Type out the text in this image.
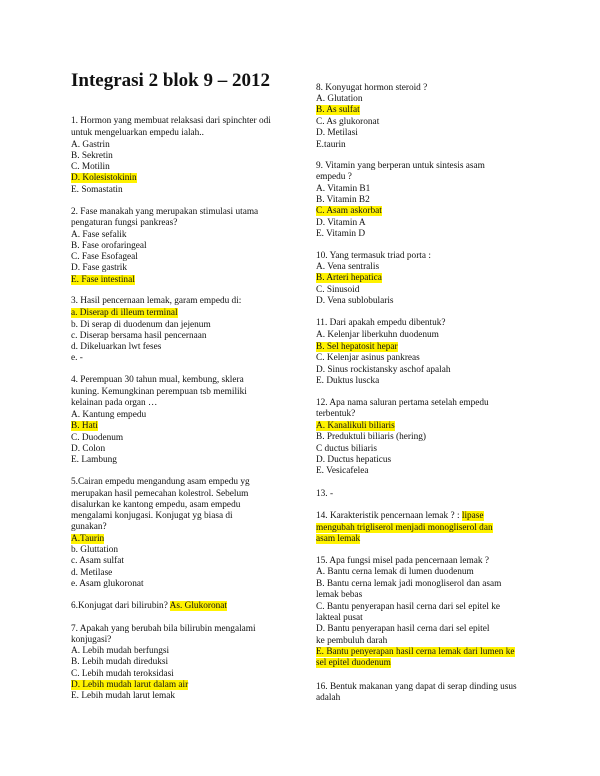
Integrasi 2 blok 9 – 2012
1. Hormon yang membuat relaksasi dari spinchter odi
untuk mengeluarkan empedu ialah..
A. Gastrin
B. Sekretin
C. Motilin
D. Kolesistokinin
E. Somastatin
2. Fase manakah yang merupakan stimulasi utama
pengaturan fungsi pankreas?
A. Fase sefalik
B. Fase orofaringeal
C. Fase Esofageal
D. Fase gastrik
E. Fase intestinal
3. Hasil pencernaan lemak, garam empedu di:
a. Diserap di illeum terminal
b. Di serap di duodenum dan jejenum
c. Diserap bersama hasil pencernaan
d. Dikeluarkan lwt feses
e. -
4. Perempuan 30 tahun mual, kembung, sklera
kuning. Kemungkinan perempuan tsb memiliki
kelainan pada organ …
A. Kantung empedu
B. Hati
C. Duodenum
D. Colon
E. Lambung
5.Cairan empedu mengandung asam empedu yg
merupakan hasil pemecahan kolestrol. Sebelum
disalurkan ke kantong empedu, asam empedu
mengalami konjugasi. Konjugat yg biasa di
gunakan?
A.Taurin
b. Gluttation
c. Asam sulfat
d. Metilase
e. Asam glukoronat
6.Konjugat dari bilirubin? As. Glukoronat
7. Apakah yang berubah bila bilirubin mengalami
konjugasi?
A. Lebih mudah berfungsi
B. Lebih mudah direduksi
C. Lebih mudah teroksidasi
D. Lebih mudah larut dalam air
E. Lebih mudah larut lemak
8. Konyugat hormon steroid ?
A. Glutation
B. As sulfat
C. As glukoronat
D. Metilasi
E.taurin
9. Vitamin yang berperan untuk sintesis asam
empedu ?
A. Vitamin B1
B. Vitamin B2
C. Asam askorbat
D. Vitamin A
E. Vitamin D
10. Yang termasuk triad porta :
A. Vena sentralis
B. Arteri hepatica
C. Sinusoid
D. Vena sublobularis
11. Dari apakah empedu dibentuk?
A. Kelenjar liberkuhn duodenum
B. Sel hepatosit hepar
C. Kelenjar asinus pankreas
D. Sinus rockistansky aschof apalah
E. Duktus luscka
12. Apa nama saluran pertama setelah empedu
terbentuk?
A. Kanalikuli biliaris
B. Preduktuli biliaris (hering)
C ductus biliaris
D. Ductus hepaticus
E. Vesicafelea
13. -
14. Karakteristik pencernaan lemak ? : lipase
mengubah trigliserol menjadi monogliserol dan
asam lemak
15. Apa fungsi misel pada pencernaan lemak ?
A. Bantu cerna lemak di lumen duodenum
B. Bantu cerna lemak jadi monogliserol dan asam
lemak bebas
C. Bantu penyerapan hasil cerna dari sel epitel ke
lakteal pusat
D. Bantu penyerapan hasil cerna dari sel epitel
ke pembuluh darah
E. Bantu penyerapan hasil cerna lemak dari lumen ke
sel epitel duodenum
16. Bentuk makanan yang dapat di serap dinding usus
adalah
